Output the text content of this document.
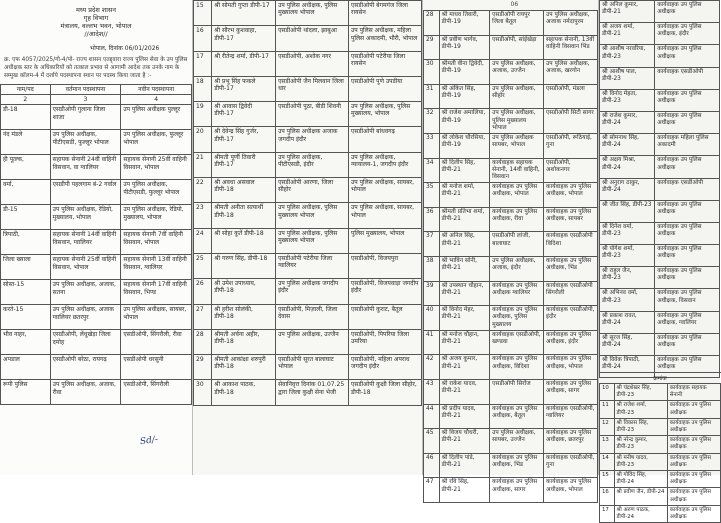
मध्य प्रदेश शासन
गृह विभाग
मंत्रालय, वल्लभ भवन, भोपाल
//आदेश//
भोपाल, दिनांक 06/01/2026
क्र. एफ 4057/2025/गो-4/पो- राज्य शासन एतद्द्वारा राज्य पुलिस सेवा के उप पुलिस अधीक्षक स्तर के अधिकारियों को तत्काल प्रभाव से आगामी आदेश तक उनके नाम के सम्मुख कॉलम-4 में दर्शाये पदस्थापना स्थान पर पदस्थ किया जाता है :-
नाम/पद	वर्तमान पदस्थापना	नवीन पदस्थापना
2	3	4
डी-18	एसडीओपी गुलाना जिला शाजा	उप पुलिस अधीक्षक पुल्लूर
नंद मंडले	उप पुलिस अधीक्षक, पीटीएसडी, फुल्लूर भोपाल	उप पुलिस अधीक्षक, फुल्लूर भोपाल
ही पूत्ल्क,	सहायक सेनानी 24वीं वाहिनी विसवान, वा ग्वालियर	सहायक सेनानी 25वीं वाहिनी विसवान, भोपाल
वर्मा,	एसडीपी पहलगाम बं-2 गर्वाल	उप पुलिस अधीक्षक, पीटीएसडी, फुल्लूर भोपाल
डी-15	उप पुलिस अधीक्षक, रेडियो, मुख्यालय, भोपाल	उप पुलिस अधीक्षक, रेडियो, मुख्यालय, भोपाल
त्रिपाठी,	सहायक सेनानी 14वीं वाहिनी विसवान, ग्वालियर	सहायक सेनानी 7वीं वाहिनी विसवान, भोपाल
जिला ख्याला	सहायक सेनानी 25वीं वाहिनी विसवान, भोपाल	सहायक सेनानी 13वीं वाहिनी विसवान, ग्वालियर
सोस्त-15	उप पुलिस अधीक्षक, अजाक, सतना	सहायक सेनानी 17वीं वाहिनी विसवान, भिण्ड
करते-15	उप पुलिस अधीक्षक, अजाक ग्वालियर छतरपुर	उप पुलिस अधीक्षक, सायबर, भोपाल
भीव नाहर,	एसडीओपी, लेंधुखेड़ा जिला दमोह	एसडीओपी, सिंगरौली, रीवा
अपडाल	एसडीओपी बरेठा, रायगढ़	एसडीओपी धरसुनी
रूपी पुलिस	उप पुलिस अधीक्षक, अजाक, रीवा	एसडीओपी, सिंगरौली
Sd/-
15	श्री सोमती गुप्ता डीपी-17	उप पुलिस अधीक्षक, पुलिस मुख्यालय भोपाल	एसडीओपी बेगमगंज जिला रायसेन
16	श्री सौरभ कुशवाहा, डीपी-17	एसडीओपी थांदला, झाबुआ	उप पुलिस अधीक्षक, महिला पुलिस अकादमी, भौरी, भोपाल
17	श्री रीतेन्द्र शर्मा, डीपी-17	एसडीओपी, अशोक नगर	एसडीओपी पटेरीया जिला रायसेन
18	श्री प्रभु सिंह फकले डीपी-17	एसडीओपी जैन मिलवान जिला धार	एसडीओपी पुणे उपडीया
19	श्री आवास द्विवेदी डीपी-17	एसडीओपी पूठा, बीडी शिवनी	उप पुलिस अधीक्षक, पुलिस मुख्यालय, भोपाल
20	श्री देवेन्द्र सिंह गुर्जर, डीपी-17	उप पुलिस अधीक्षक अजाक जगदीप इंदौर	एसडीओपी बांधवगढ़
21	श्रीमती पूर्णी तिवारी डीपी-17	उप पुलिस अधीक्षक, पीटीएसडी, इंदौर	उप पुलिस अधीक्षक, न्यायालय-1, जगदीप इंदौर
22	श्री अवधा असवाल डीपी-18	एसडीओपी आरणा, जिला सीहोर	उप पुलिस अधीक्षक, सायबर, भोपाल
23	श्रीमती अनीता सत्यार्थी डीपी-18	उप पुलिस अधीक्षक, पुलिस मुख्यालय भोपाल	उप पुलिस अधीक्षक, सायबर, भोपाल
24	श्री सोहा कुर्ते डीपी-18	उप पुलिस अधीक्षक, पुलिस मुख्यालय भोपाल	पुलिस मुख्यालय, भोपाल
25	श्री गरुण सिंह, डीपी-18	एसडीओपी पटेरीया जिला ग्वालियर	एसडीओपी, विजयपुरा
26	श्री उमेश उपाध्याय, डीपी-18	उप पुलिस अधीक्षक जगदीप इंदौर	एसडीओपी, विजयवाड़ा जगदीप इंदौर
27	श्री हरीश सोलंकी, डीपी-18	एसडीओपी, मिज़ाली, जिला देवास	एसडीओपी कुराट, बैतूल
28	श्रीमती अर्चना अहीर, डीपी-18	उप पुलिस अधीक्षक, उज्जैन	एसडीओपी, पिपरिया जिला उमरिया
29	श्रीमती आकांक्षा शरुपुरी डीपी-18	एसडीओपी सूरत बालाघाट भोपाल	एसडीओपी, महिला अपराध जगदीप इंदौर
30	श्री आकाश पाठक, डीपी-18	सेवानिवृत्त दिनांक 01.07.25 द्वारा जिला कुक्षी सेना भेजी	एसडीओपी कुक्षी जिला सीहोर, डीपी-18
06
28	श्री माधव तिवारी, डीपी-19	एसडीओपी रायपुर जिला बैतूल	उप पुलिस अधीक्षक, अजाक नर्मदापुरम
29	श्री प्रवीण भार्गव, डीपी-19	एसडीओपी, सांईखेड़ा	सहायक सेनानी, 13वीं वाहिनी विसवान भिंड
30	श्रीमती वीना द्विवेदी, डीपी-19	उप पुलिस अधीक्षक, अजाक, उज्जैन	उप पुलिस अधीक्षक, अजाक, खरगोन
31	श्री अंकित सिंह, डीपी-19	उप पुलिस अधीक्षक, सीहोर	एसडीओपी, मंडला
32	श्री राजेश अमालिया, डीपी-19	उप पुलिस अधीक्षक, पुलिस मुख्यालय भोपाल	एसडीओपी सिटी सागर
33	श्री लोकेश चौरसिया, डीपी-19	उप पुलिस अधीक्षक सायबर, भोपाल	एसडीओपी, रूठियाई, गुना
34	श्री दिलीप सिंह, डीपी-21	कार्यवाहक सहायक सेनानी, 14वीं वाहिनी, विसवान	एसडीओपी, अशोकनगर
35	श्री मनोज शर्मा, डीपी-21	कार्यवाहक उप पुलिस अधीक्षक, भोपाल	कार्यवाहक उप पुलिस अधीक्षक, भोपाल
36	श्रीमती प्रतिभा शर्मा, डीपी-21	कार्यवाहक उप पुलिस अधीक्षक, रीवा	कार्यवाहक उप पुलिस अधीक्षक, सायबर
37	श्री अनिल सिंह, डीपी-21	एसडीओपी लांजी, बालाघाट	कार्यवाहक एसडीओपी विदिशा
38	श्री भाविन सोनी, डीपी-21	उप पुलिस अधीक्षक, अजाक, इंदौर	कार्यवाहक उप पुलिस अधीक्षक, भिंड
39	श्री उपस्थान चौहान, डीपी-21	कार्यवाहक उप पुलिस अधीक्षक ग्वालियर	कार्यवाहक एसडीओपी सिंगरौली
40	श्री विनोद मेहर, डीपी-21	कार्यवाहक उप पुलिस अधीक्षक, पुलिस मुख्यालय	कार्यवाहक एसडीओपी, इंदौर
41	श्री मनोज चौहान, डीपी-21	कार्यवाहक एसडीओपी, खण्डवा	कार्यवाहक उप पुलिस अधीक्षक, इंदौर
42	श्री अजय कुमार, डीपी-21	कार्यवाहक उप पुलिस अधीक्षक, विदिशा	कार्यवाहक उप पुलिस अधीक्षक, भोपाल
43	श्री राकेश यादव, डीपी-21	एसडीओपी सिरोंज	कार्यवाहक उप पुलिस अधीक्षक, सागर
44	श्री प्रदीप यादव, डीपी-21	कार्यवाहक उप पुलिस अधीक्षक, बैतूल	कार्यवाहक एसडीओपी, ग्वालियर
45	श्री विजय चौधरी, डीपी-21	उप पुलिस अधीक्षक, सायबर, उज्जैन	कार्यवाहक उप पुलिस अधीक्षक, छतरपुर
46	श्री दिलीप पांडे, डीपी-21	कार्यवाहक उप पुलिस अधीक्षक, भिंड	कार्यवाहक एसडीओपी, गुना
47	श्री रवि सिंह, डीपी-21	कार्यवाहक उप पुलिस अधीक्षक, सागर	कार्यवाहक उप पुलिस अधीक्षक, भोपाल
श्री अनिल कुमार, डीपी-21	कार्यवाहक उप पुलिस अधीक्षक
श्री अजय शर्मा, डीपी-21	कार्यवाहक उप पुलिस अधीक्षक, इंदौर
श्री आशीष नरवरिया, डीपी-23	कार्यवाहक उप पुलिस अधीक्षक
श्री आशीष पाल, डीपी-23	कार्यवाहक एसडीओपी
श्री विनोद मेहता, डीपी-23	कार्यवाहक उप पुलिस अधीक्षक
श्री राजेश कुमार, डीपी-24	कार्यवाहक उप पुलिस अधीक्षक
श्री सोमनाथ सिंह, डीपी-24	कार्यवाहक महिला पुलिस अकादमी
श्री अक्षय मिश्रा, डीपी-24	कार्यवाहक उप पुलिस अधीक्षक
श्री अनुराग ठाकुर, डीपी-24	कार्यवाहक एसडीओपी
श्री जीत सिंह, डीपी-23	कार्यवाहक उप पुलिस अधीक्षक
श्री दिनेश वर्मा, डीपी-23	कार्यवाहक उप पुलिस अधीक्षक
श्री योगेश शर्मा, डीपी-23	कार्यवाहक उप पुलिस अधीक्षक
श्री राहुल जैन, डीपी-23	कार्यवाहक उप पुलिस अधीक्षक
श्री अभिनव वर्मा, डीपी-23	कार्यवाहक उप पुलिस अधीक्षक, विसवान
श्री प्रकाश रावत, डीपी-24	कार्यवाहक उप पुलिस अधीक्षक, ग्वालियर
श्री सूरज सिंह, डीपी-24	कार्यवाहक उप पुलिस अधीक्षक
श्री विवेक त्रिपाठी, डीपी-24	कार्यवाहक उप पुलिस अधीक्षक
क्रमांक
10	श्री चंद्रशेखर सिंह, डीपी-23	कार्यवाहक सहायक सेनानी
11	श्री राजेश शर्मा, डीपी-23	कार्यवाहक उप पुलिस अधीक्षक
12	श्री विकास सिंह, डीपी-23	कार्यवाहक उप पुलिस अधीक्षक
13	श्री नरेन्द्र कुमार, डीपी-23	कार्यवाहक उप पुलिस अधीक्षक
14	श्री मनीष यादव, डीपी-23	कार्यवाहक उप पुलिस अधीक्षक
15	श्री गोविंद सिंह, डीपी-24	कार्यवाहक उप पुलिस अधीक्षक
16	श्री प्रवीण जैन, डीपी-24	कार्यवाहक उप पुलिस अधीक्षक
17	श्री अरुण पाठक, डीपी-24	कार्यवाहक उप पुलिस अधीक्षक
